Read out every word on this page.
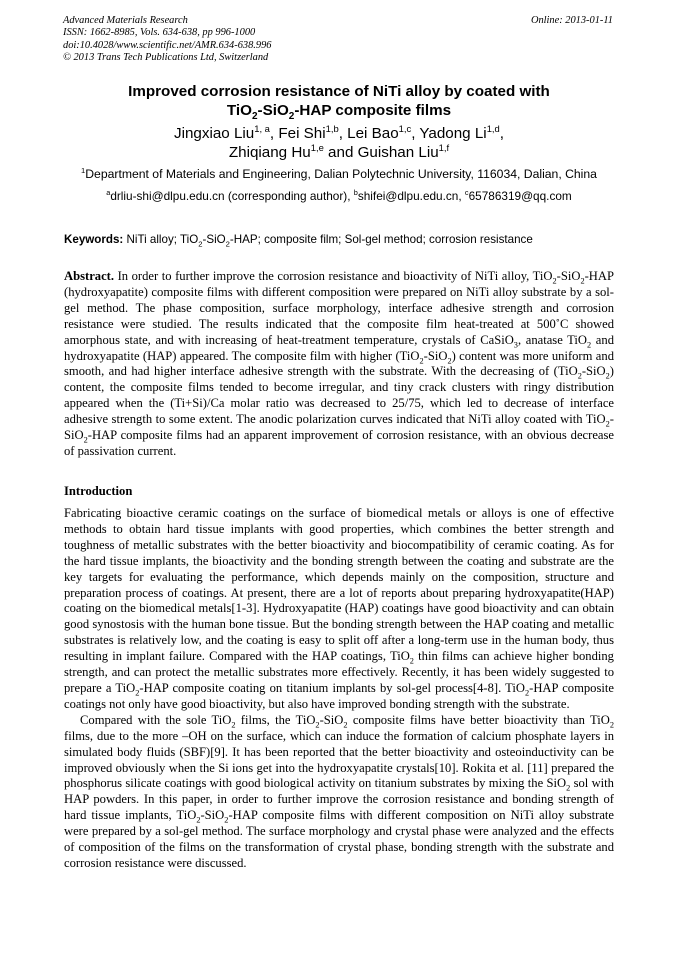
Advanced Materials Research
ISSN: 1662-8985, Vols. 634-638, pp 996-1000
doi:10.4028/www.scientific.net/AMR.634-638.996
© 2013 Trans Tech Publications Ltd, Switzerland
Online: 2013-01-11
Improved corrosion resistance of NiTi alloy by coated with
TiO$_2$-SiO$_2$-HAP composite films
Jingxiao Liu$^{1, a}$, Fei Shi$^{1,b}$, Lei Bao$^{1,c}$, Yadong Li$^{1,d}$,
Zhiqiang Hu$^{1,e}$ and Guishan Liu$^{1,f}$
$^1$Department of Materials and Engineering, Dalian Polytechnic University, 116034, Dalian, China
$^a$drliu-shi@dlpu.edu.cn (corresponding author), $^b$shifei@dlpu.edu.cn, $^c$65786319@qq.com
Keywords: NiTi alloy; TiO$_2$-SiO$_2$-HAP; composite film; Sol-gel method; corrosion resistance
Abstract. In order to further improve the corrosion resistance and bioactivity of NiTi alloy, TiO$_2$-SiO$_2$-HAP (hydroxyapatite) composite films with different composition were prepared on NiTi alloy substrate by a sol-gel method. The phase composition, surface morphology, interface adhesive strength and corrosion resistance were studied. The results indicated that the composite film heat-treated at 500˚C showed amorphous state, and with increasing of heat-treatment temperature, crystals of CaSiO$_3$, anatase TiO$_2$ and hydroxyapatite (HAP) appeared. The composite film with higher (TiO$_2$-SiO$_2$) content was more uniform and smooth, and had higher interface adhesive strength with the substrate. With the decreasing of (TiO$_2$-SiO$_2$) content, the composite films tended to become irregular, and tiny crack clusters with ringy distribution appeared when the (Ti+Si)/Ca molar ratio was decreased to 25/75, which led to decrease of interface adhesive strength to some extent. The anodic polarization curves indicated that NiTi alloy coated with TiO$_2$-SiO$_2$-HAP composite films had an apparent improvement of corrosion resistance, with an obvious decrease of passivation current.
Introduction

Fabricating bioactive ceramic coatings on the surface of biomedical metals or alloys is one of effective methods to obtain hard tissue implants with good properties, which combines the better strength and toughness of metallic substrates with the better bioactivity and biocompatibility of ceramic coating. As for the hard tissue implants, the bioactivity and the bonding strength between the coating and substrate are the key targets for evaluating the performance, which depends mainly on the composition, structure and preparation process of coatings. At present, there are a lot of reports about preparing hydroxyapatite(HAP) coating on the biomedical metals[1-3]. Hydroxyapatite (HAP) coatings have good bioactivity and can obtain good synostosis with the human bone tissue. But the bonding strength between the HAP coating and metallic substrates is relatively low, and the coating is easy to split off after a long-term use in the human body, thus resulting in implant failure. Compared with the HAP coatings, TiO$_2$ thin films can achieve higher bonding strength, and can protect the metallic substrates more effectively. Recently, it has been widely suggested to prepare a TiO$_2$-HAP composite coating on titanium implants by sol-gel process[4-8]. TiO$_2$-HAP composite coatings not only have good bioactivity, but also have improved bonding strength with the substrate.

Compared with the sole TiO$_2$ films, the TiO$_2$-SiO$_2$ composite films have better bioactivity than TiO$_2$ films, due to the more –OH on the surface, which can induce the formation of calcium phosphate layers in simulated body fluids (SBF)[9]. It has been reported that the better bioactivity and osteoinductivity can be improved obviously when the Si ions get into the hydroxyapatite crystals[10]. Rokita et al. [11] prepared the phosphorus silicate coatings with good biological activity on titanium substrates by mixing the SiO$_2$ sol with HAP powders. In this paper, in order to further improve the corrosion resistance and bonding strength of hard tissue implants, TiO$_2$-SiO$_2$-HAP composite films with different composition on NiTi alloy substrate were prepared by a sol-gel method. The surface morphology and crystal phase were analyzed and the effects of composition of the films on the transformation of crystal phase, bonding strength with the substrate and corrosion resistance were discussed.
